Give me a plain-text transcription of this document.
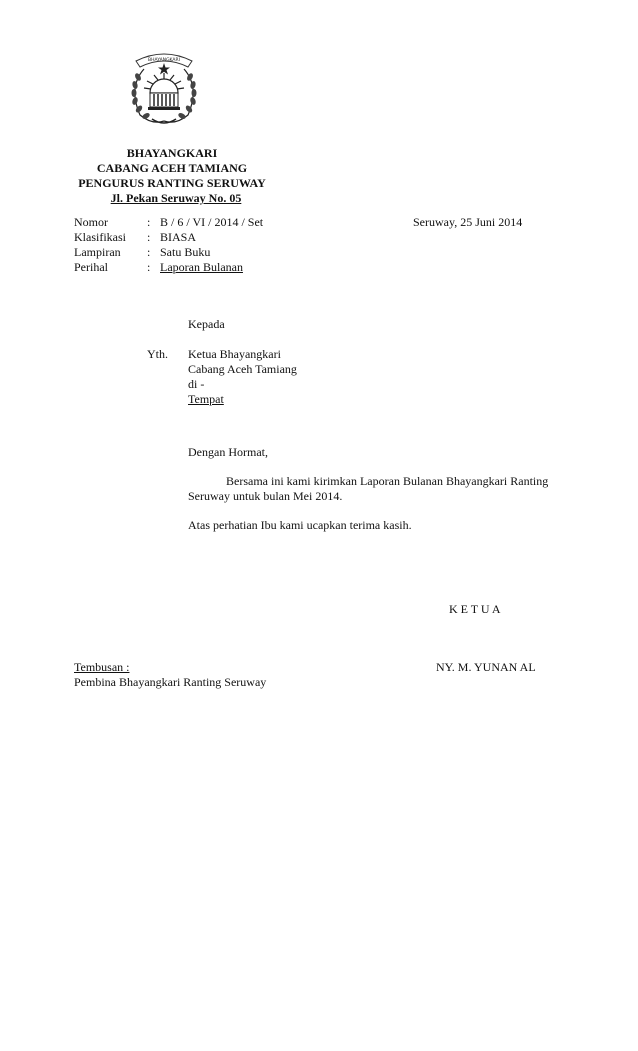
BHAYANGKARI
BHAYANGKARI
CABANG ACEH TAMIANG
PENGURUS RANTING SERUWAY
Jl. Pekan Seruway No. 05
Nomor	: B / 6 / VI / 2014 / Set	Seruway, 25 Juni 2014
Klasifikasi : BIASA
Lampiran : Satu Buku
Perihal	: Laporan Bulanan
Kepada
Yth. Ketua Bhayangkari
Cabang Aceh Tamiang
di -
Tempat
Dengan Hormat,
Bersama ini kami kirimkan Laporan Bulanan Bhayangkari Ranting
Seruway untuk bulan Mei 2014.
Atas perhatian Ibu kami ucapkan terima kasih.
K E T U A
NY. M. YUNAN AL
Tembusan :
Pembina Bhayangkari Ranting Seruway
